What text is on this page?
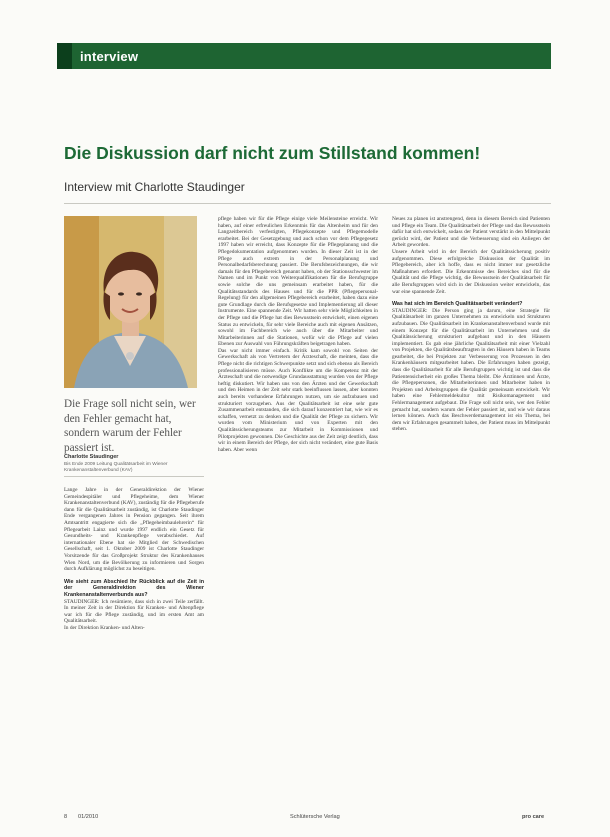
interview
Die Diskussion darf nicht zum Stillstand kommen!
Interview mit Charlotte Staudinger
Die Frage soll nicht sein, wer den Fehler gemacht hat, sondern warum der Fehler passiert ist.
Charlotte Staudinger
Bis Ende 2009 Leitung Qualitätsarbeit im Wiener Krankenanstaltenverbund (KAV)

Lange Jahre in der Generaldirektion der Wiener Gemeindespitäler und Pflegeheime, dem Wiener Krankenanstaltenverbund (KAV), zuständig für die Pflegeberufe dann für die Qualitätsarbeit zuständig, ist Charlotte Staudinger Ende vergangenen Jahres in Pension gegangen. Seit ihrem Amtsantritt engagierte sich die „Pflegeheimbaulehrerin“ für Pflegearbeit Lainz und wurde 1997 endlich ein Gesetz für Gesundheits- und Krankenpflege verabschiedet. Auf internationaler Ebene hat sie Mitglied der Schwedischen Gesellschaft, seit 1. Oktober 2009 ist Charlotte Staudinger Vorsitzende für das Großprojekt Struktur des Krankenhauses Wien Nord, um die Bevölkerung zu informieren und Sorgen durch Aufklärung möglichst zu beseitigen.

Wie sieht zum Abschied Ihr Rückblick auf die Zeit in der Generaldirektion des Wiener Krankenanstaltenverbunds aus?

STAUDINGER: Ich resümiere, dass sich in zwei Teile zerfällt. In meiner Zeit in der Direktion für Kranken- und Altenpflege war ich für die Pflege zuständig, und im ersten Amt am Qualitätsarbeit.

In der Direktion Kranken- und Alten-

pflege haben wir für die Pflege einige viele Meilensteine erreicht. Wir haben, auf einer erfreulichen Erkenntnis für das Altenheim und für den Langzeitbereich verfestigten, Pflegekonzepte und Pflegemodelle erarbeitet. Bei der Gesetzgebung und auch schon vor dem Pflegegesetz 1997 haben wir erreicht, dass Konzepte für die Pflegeplanung und die Pflegedokumentation aufgenommen wurden. In dieser Zeit ist in der Pflege auch extrem in der Personalplanung und Personalbedarfsberechnung passiert. Die Berufsbezeichnungen, die wir damals für den Pflegebereich genannt haben, ob der Stationsschwester im Namen und im Punkt von Weiterqualifikationen für die Berufsgruppe sowie solche die uns gemeinsam erarbeitet haben, für die Qualitätsstandards des Hauses und für die PPR (Pflegepersonal-Regelung) für den allgemeinen Pflegebereich erarbeitet, haben dazu eine gute Grundlage durch die Berufsgesetze und Implementierung all dieser Instrumente. Eine spannende Zeit. Wir hatten sehr viele Möglichkeiten in der Pflege und die Pflege hat dies Bewusstsein entwickelt, einen eigenen Status zu entwickeln, für sehr viele Bereiche auch mit eigenen Ansätzen, sowohl im Fachbereich wie auch über die Mitarbeiter und Mitarbeiterinnen auf die Stationen, wofür wir die Pflege auf vielen Ebenen zur Auswahl von Führungskräften beigetragen haben.

Das war nicht immer einfach. Kritik kam sowohl von Seiten der Gewerkschaft als von Vertretern der Ärzteschaft, die meinten, dass die Pflege nicht die richtigen Schwerpunkte setzt und sich ebenso als Bereich professionalisieren müsse. Auch Konflikte um die Kompetenz mit der Ärzteschaft und die notwendige Grundausstattung wurden von der Pflege heftig diskutiert. Wir haben uns von den Ärzten und der Gewerkschaft und den Heimen in der Zeit sehr stark beeinflussen lassen, aber konnten auch bereits vorhandene Erfahrungen nutzen, um sie aufzubauen und strukturiert vorzugehen. Aus der Qualitätsarbeit ist eine sehr gute Zusammenarbeit entstanden, die sich darauf konzentriert hat, wie wir es schaffen, vernetzt zu denken und die Qualität der Pflege zu sichern. Wir wurden vom Ministerium und von Experten mit den Qualitätssicherungsteams zur Mitarbeit in Kommissionen und Pilotprojekten gewonnen. Die Geschichte aus der Zeit zeigt deutlich, dass wir in einem Bereich der Pflege, der sich nicht verändert, eine gute Basis haben. Aber wenn

Neues zu planen ist anstrengend, denn in diesem Bereich sind Patienten und Pflege ein Team. Die Qualitätsarbeit der Pflege und das Bewusstsein dafür hat sich entwickelt, sodass der Patient verstärkt in den Mittelpunkt gerückt wird, der Patient und die Verbesserung sind ein Anliegen der Arbeit geworden.

Unsere Arbeit wird in der Bereich der Qualitätssicherung positiv aufgenommen. Diese erfolgreiche Diskussion der Qualität im Pflegebereich, aber ich hoffe, dass es nicht immer nur gesetzliche Maßnahmen erfordert. Die Erkenntnisse des Bereiches sind für die Qualität und die Pflege wichtig, die Bewusstsein der Qualitätsarbeit für alle Berufsgruppen wird sich in der Diskussion weiter entwickeln, das war eine spannende Zeit.

Was hat sich im Bereich Qualitätsarbeit verändert?

STAUDINGER: Die Person ging ja darum, eine Strategie für Qualitätsarbeit im ganzen Unternehmen zu entwickeln und Strukturen aufzubauen. Die Qualitätsarbeit im Krankenanstaltenverbund wurde mit einem Konzept für die Qualitätsarbeit im Unternehmen und die Qualitätssicherung strukturiert aufgebaut und in den Häusern implementiert. Es gab eine jährliche Qualitätsarbeit mit einer Vielzahl von Projekten, die Qualitätsbeauftragten in den Häusern haben in Teams gearbeitet, die bei Projekten zur Verbesserung von Prozessen in den Krankenhäusern mitgearbeitet haben. Die Erfahrungen haben gezeigt, dass die Qualitätsarbeit für alle Berufsgruppen wichtig ist und dass die Patientensicherheit ein großes Thema bleibt. Die Ärztinnen und Ärzte, die Pflegepersonen, die Mitarbeiterinnen und Mitarbeiter haben in Projekten und Arbeitsgruppen die Qualität gemeinsam entwickelt. Wir haben eine Fehlermeldekultur mit Risikomanagement und Fehlermanagement aufgebaut. Die Frage soll nicht sein, wer den Fehler gemacht hat, sondern warum der Fehler passiert ist, und wie wir daraus lernen können. Auch das Beschwerdemanagement ist ein Thema, bei dem wir Erfahrungen gesammelt haben, der Patient muss im Mittelpunkt stehen.

8 01/2010	Schlütersche Verlag	pro care
